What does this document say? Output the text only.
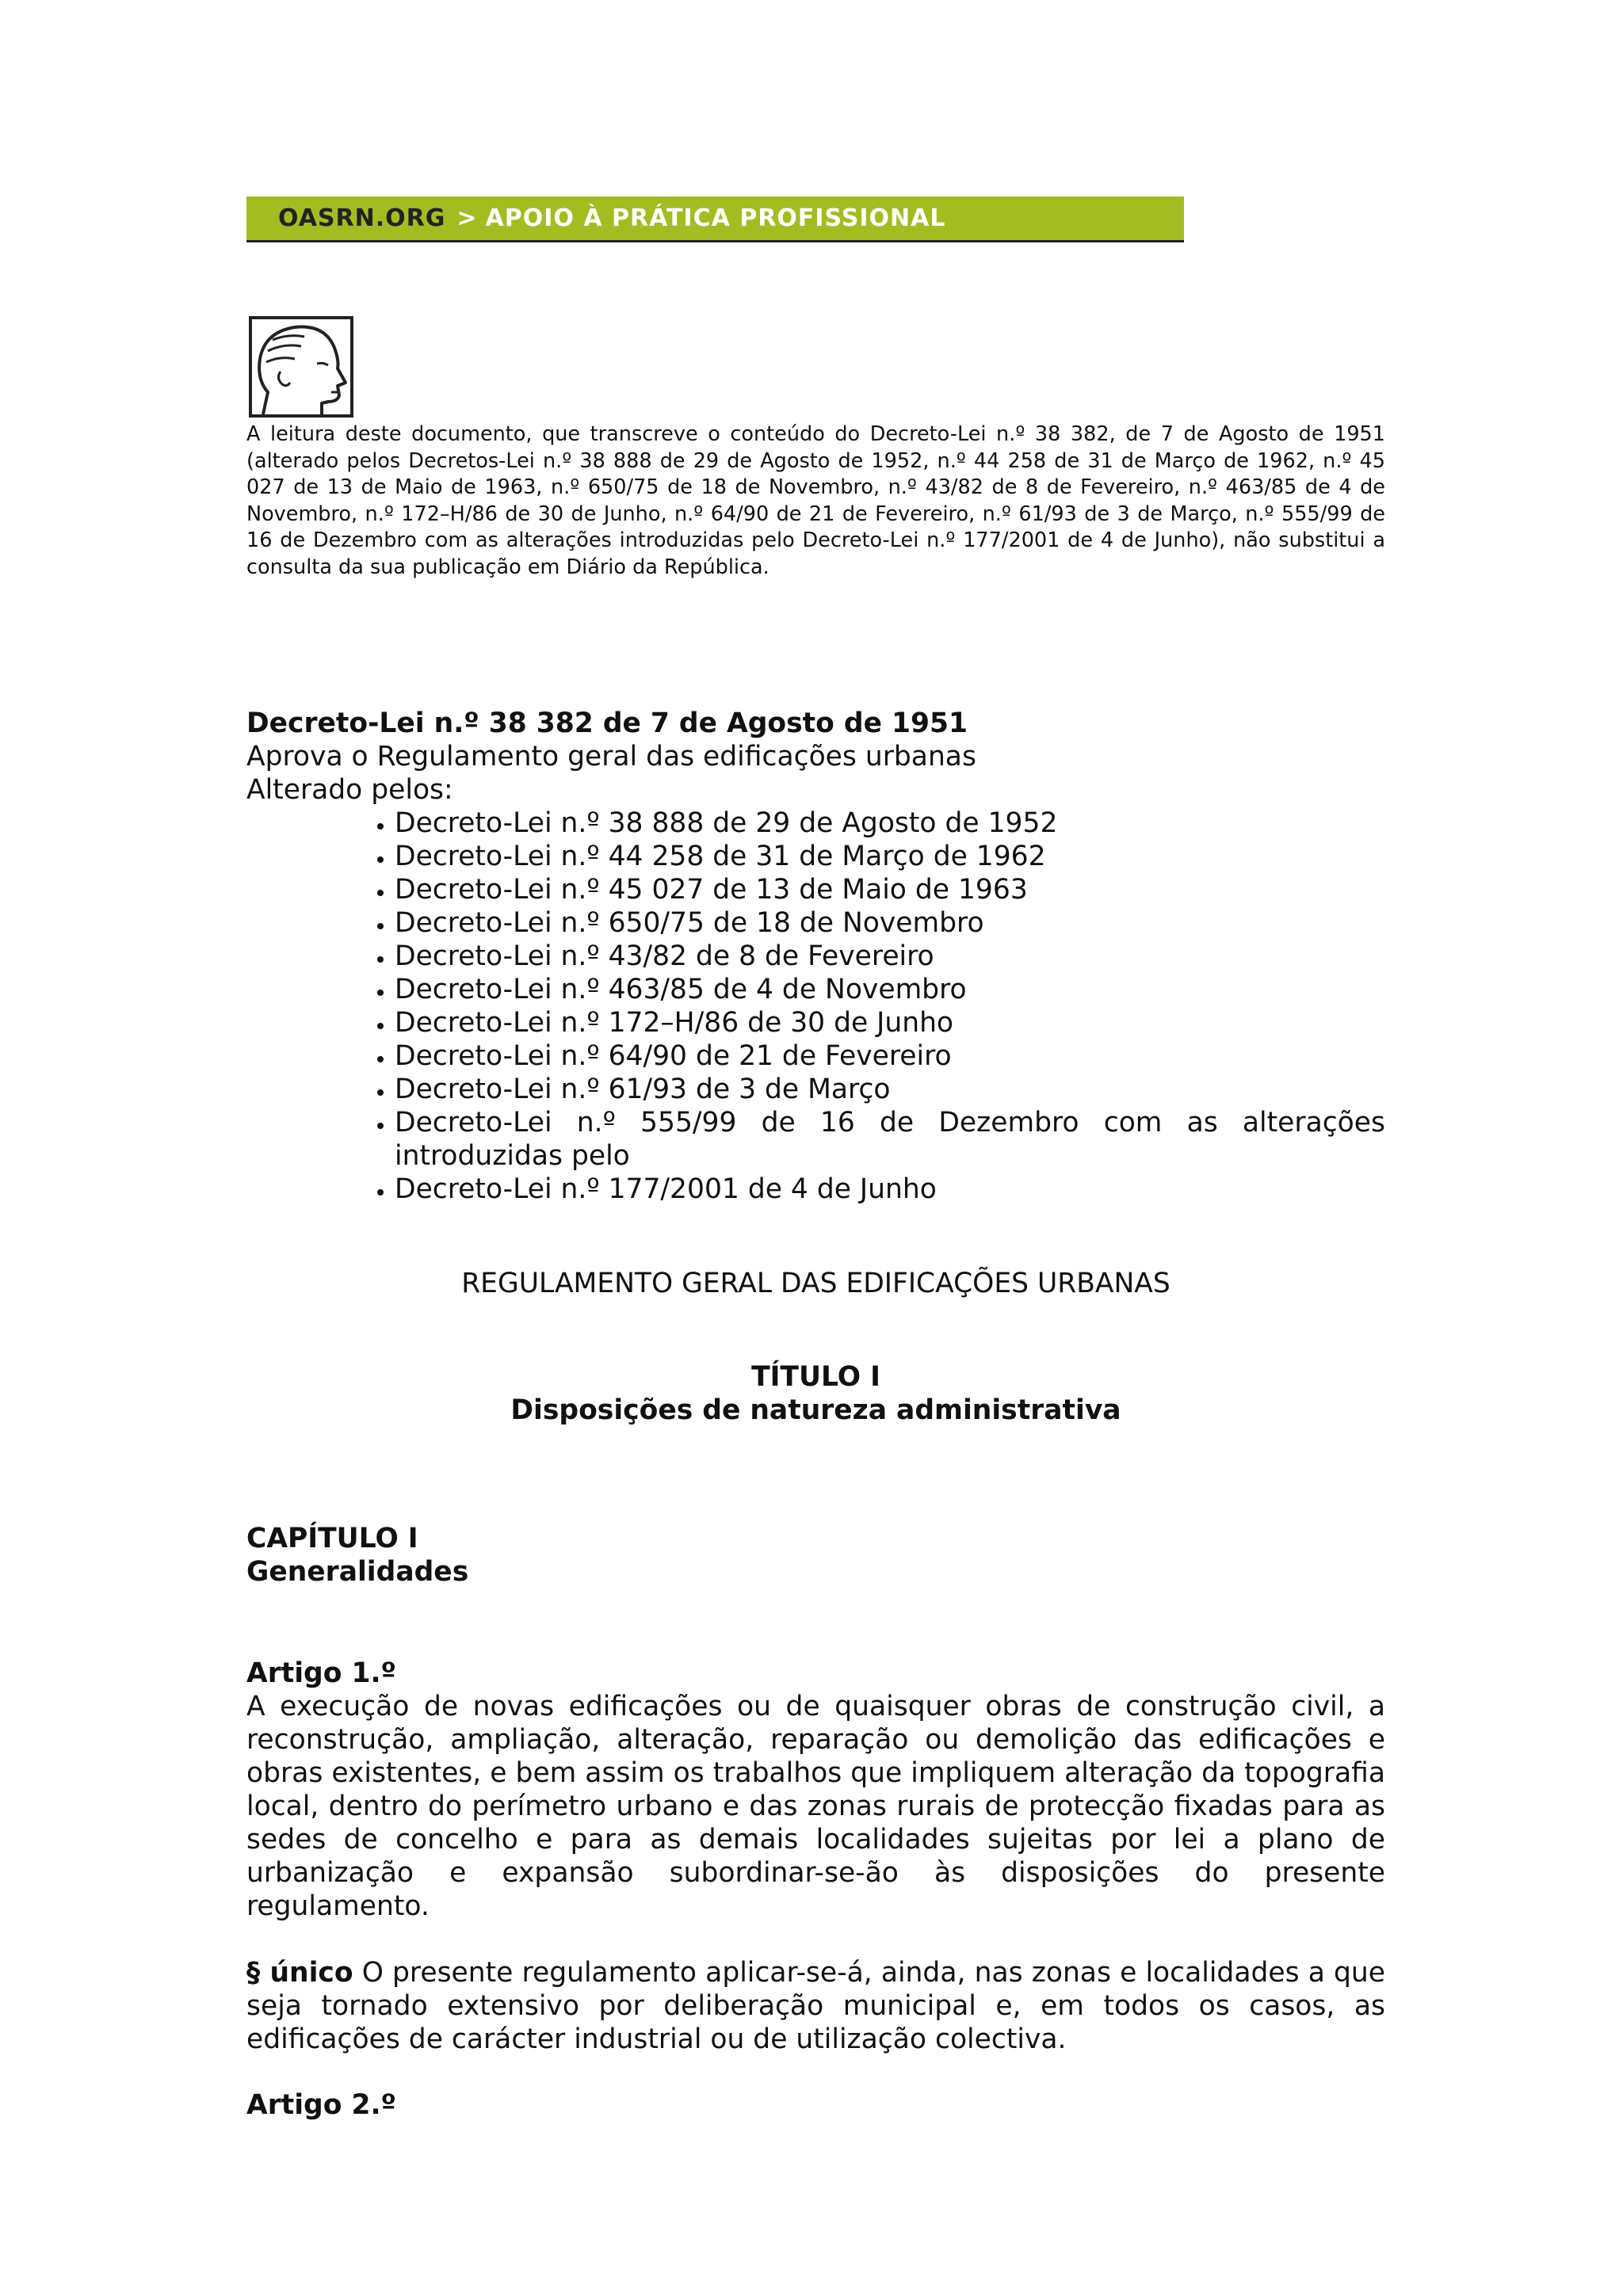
OASRN.ORG > APOIO À PRÁTICA PROFISSIONAL

A leitura deste documento, que transcreve o conteúdo do Decreto-Lei n.º 38 382, de 7 de Agosto de 1951 (alterado pelos Decretos-Lei n.º 38 888 de 29 de Agosto de 1952, n.º 44 258 de 31 de Março de 1962, n.º 45 027 de 13 de Maio de 1963, n.º 650/75 de 18 de Novembro, n.º 43/82 de 8 de Fevereiro, n.º 463/85 de 4 de Novembro, n.º 172–H/86 de 30 de Junho, n.º 64/90 de 21 de Fevereiro, n.º 61/93 de 3 de Março, n.º 555/99 de 16 de Dezembro com as alterações introduzidas pelo Decreto-Lei n.º 177/2001 de 4 de Junho), não substitui a consulta da sua publicação em Diário da República.

Decreto-Lei n.º 38 382 de 7 de Agosto de 1951

Aprova o Regulamento geral das edificações urbanas

Alterado pelos:

• Decreto-Lei n.º 38 888 de 29 de Agosto de 1952
• Decreto-Lei n.º 44 258 de 31 de Março de 1962
• Decreto-Lei n.º 45 027 de 13 de Maio de 1963
• Decreto-Lei n.º 650/75 de 18 de Novembro
• Decreto-Lei n.º 43/82 de 8 de Fevereiro
• Decreto-Lei n.º 463/85 de 4 de Novembro
• Decreto-Lei n.º 172–H/86 de 30 de Junho
• Decreto-Lei n.º 64/90 de 21 de Fevereiro
• Decreto-Lei n.º 61/93 de 3 de Março
• Decreto-Lei n.º 555/99 de 16 de Dezembro com as alterações introduzidas pelo
• Decreto-Lei n.º 177/2001 de 4 de Junho

REGULAMENTO GERAL DAS EDIFICAÇÕES URBANAS

TÍTULO I

Disposições de natureza administrativa

CAPÍTULO I

Generalidades

Artigo 1.º

A execução de novas edificações ou de quaisquer obras de construção civil, a reconstrução, ampliação, alteração, reparação ou demolição das edificações e obras existentes, e bem assim os trabalhos que impliquem alteração da topografia local, dentro do perímetro urbano e das zonas rurais de protecção fixadas para as sedes de concelho e para as demais localidades sujeitas por lei a plano de urbanização e expansão subordinar-se-ão às disposições do presente regulamento.

§ único O presente regulamento aplicar-se-á, ainda, nas zonas e localidades a que seja tornado extensivo por deliberação municipal e, em todos os casos, as edificações de carácter industrial ou de utilização colectiva.

Artigo 2.º
